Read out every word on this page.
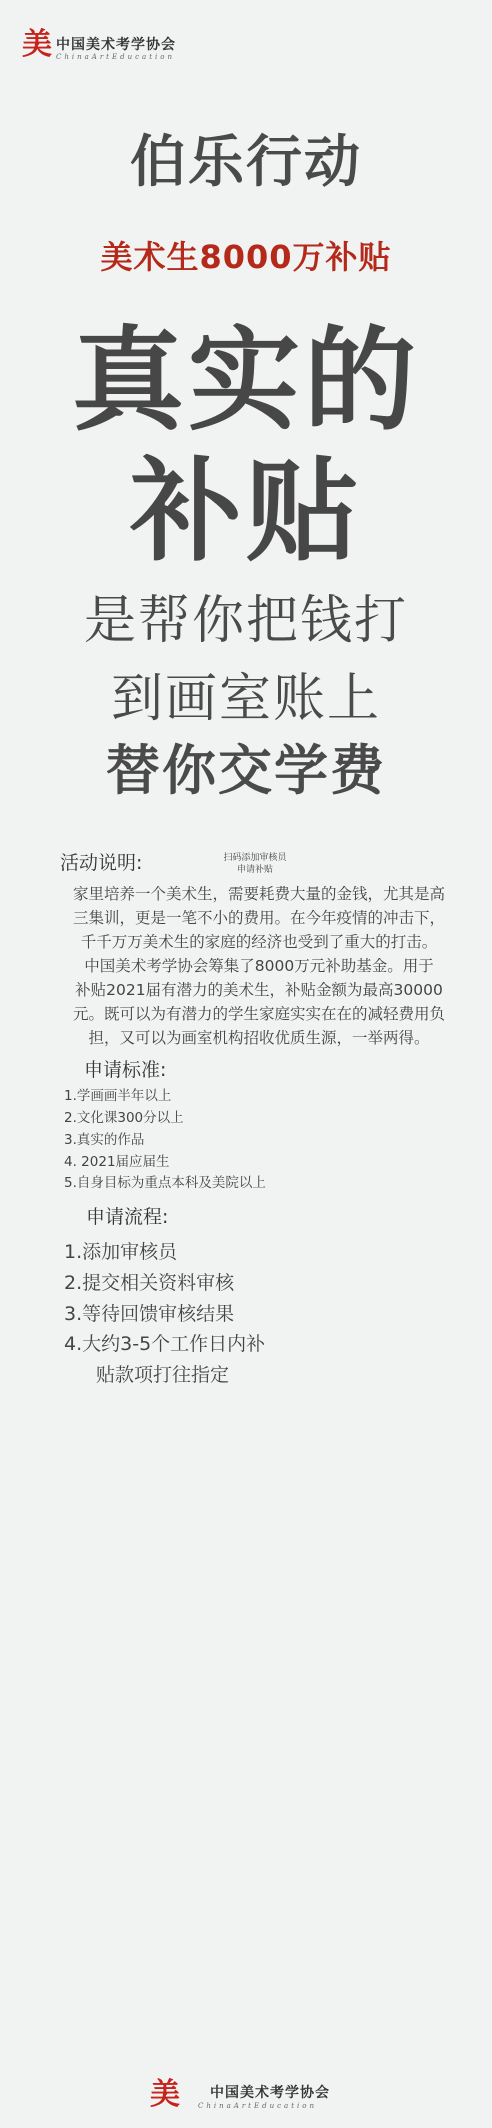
美 中国美术考学协会
ChinaArtEducation
伯乐行动
美术生8000万补贴
真实的
补贴
是帮你把钱打
到画室账上
替你交学费
活动说明:	扫码添加审核员
申请补贴
家里培养一个美术生，需要耗费大量的金钱，尤其是高
三集训，更是一笔不小的费用。在今年疫情的冲击下，
千千万万美术生的家庭的经济也受到了重大的打击。
中国美术考学协会筹集了8000万元补助基金。用于
补贴2021届有潜力的美术生，补贴金额为最高30000
元。既可以为有潜力的学生家庭实实在在的减轻费用负
担，又可以为画室机构招收优质生源，一举两得。
申请标准:
1.学画画半年以上
2.文化课300分以上
3.真实的作品
4. 2021届应届生
5.自身目标为重点本科及美院以上
申请流程:
1.添加审核员
2.提交相关资料审核
3.等待回馈审核结果
4.大约3-5个工作日内补
贴款项打往指定
美 中国美术考学协会
ChinaArtEducation
